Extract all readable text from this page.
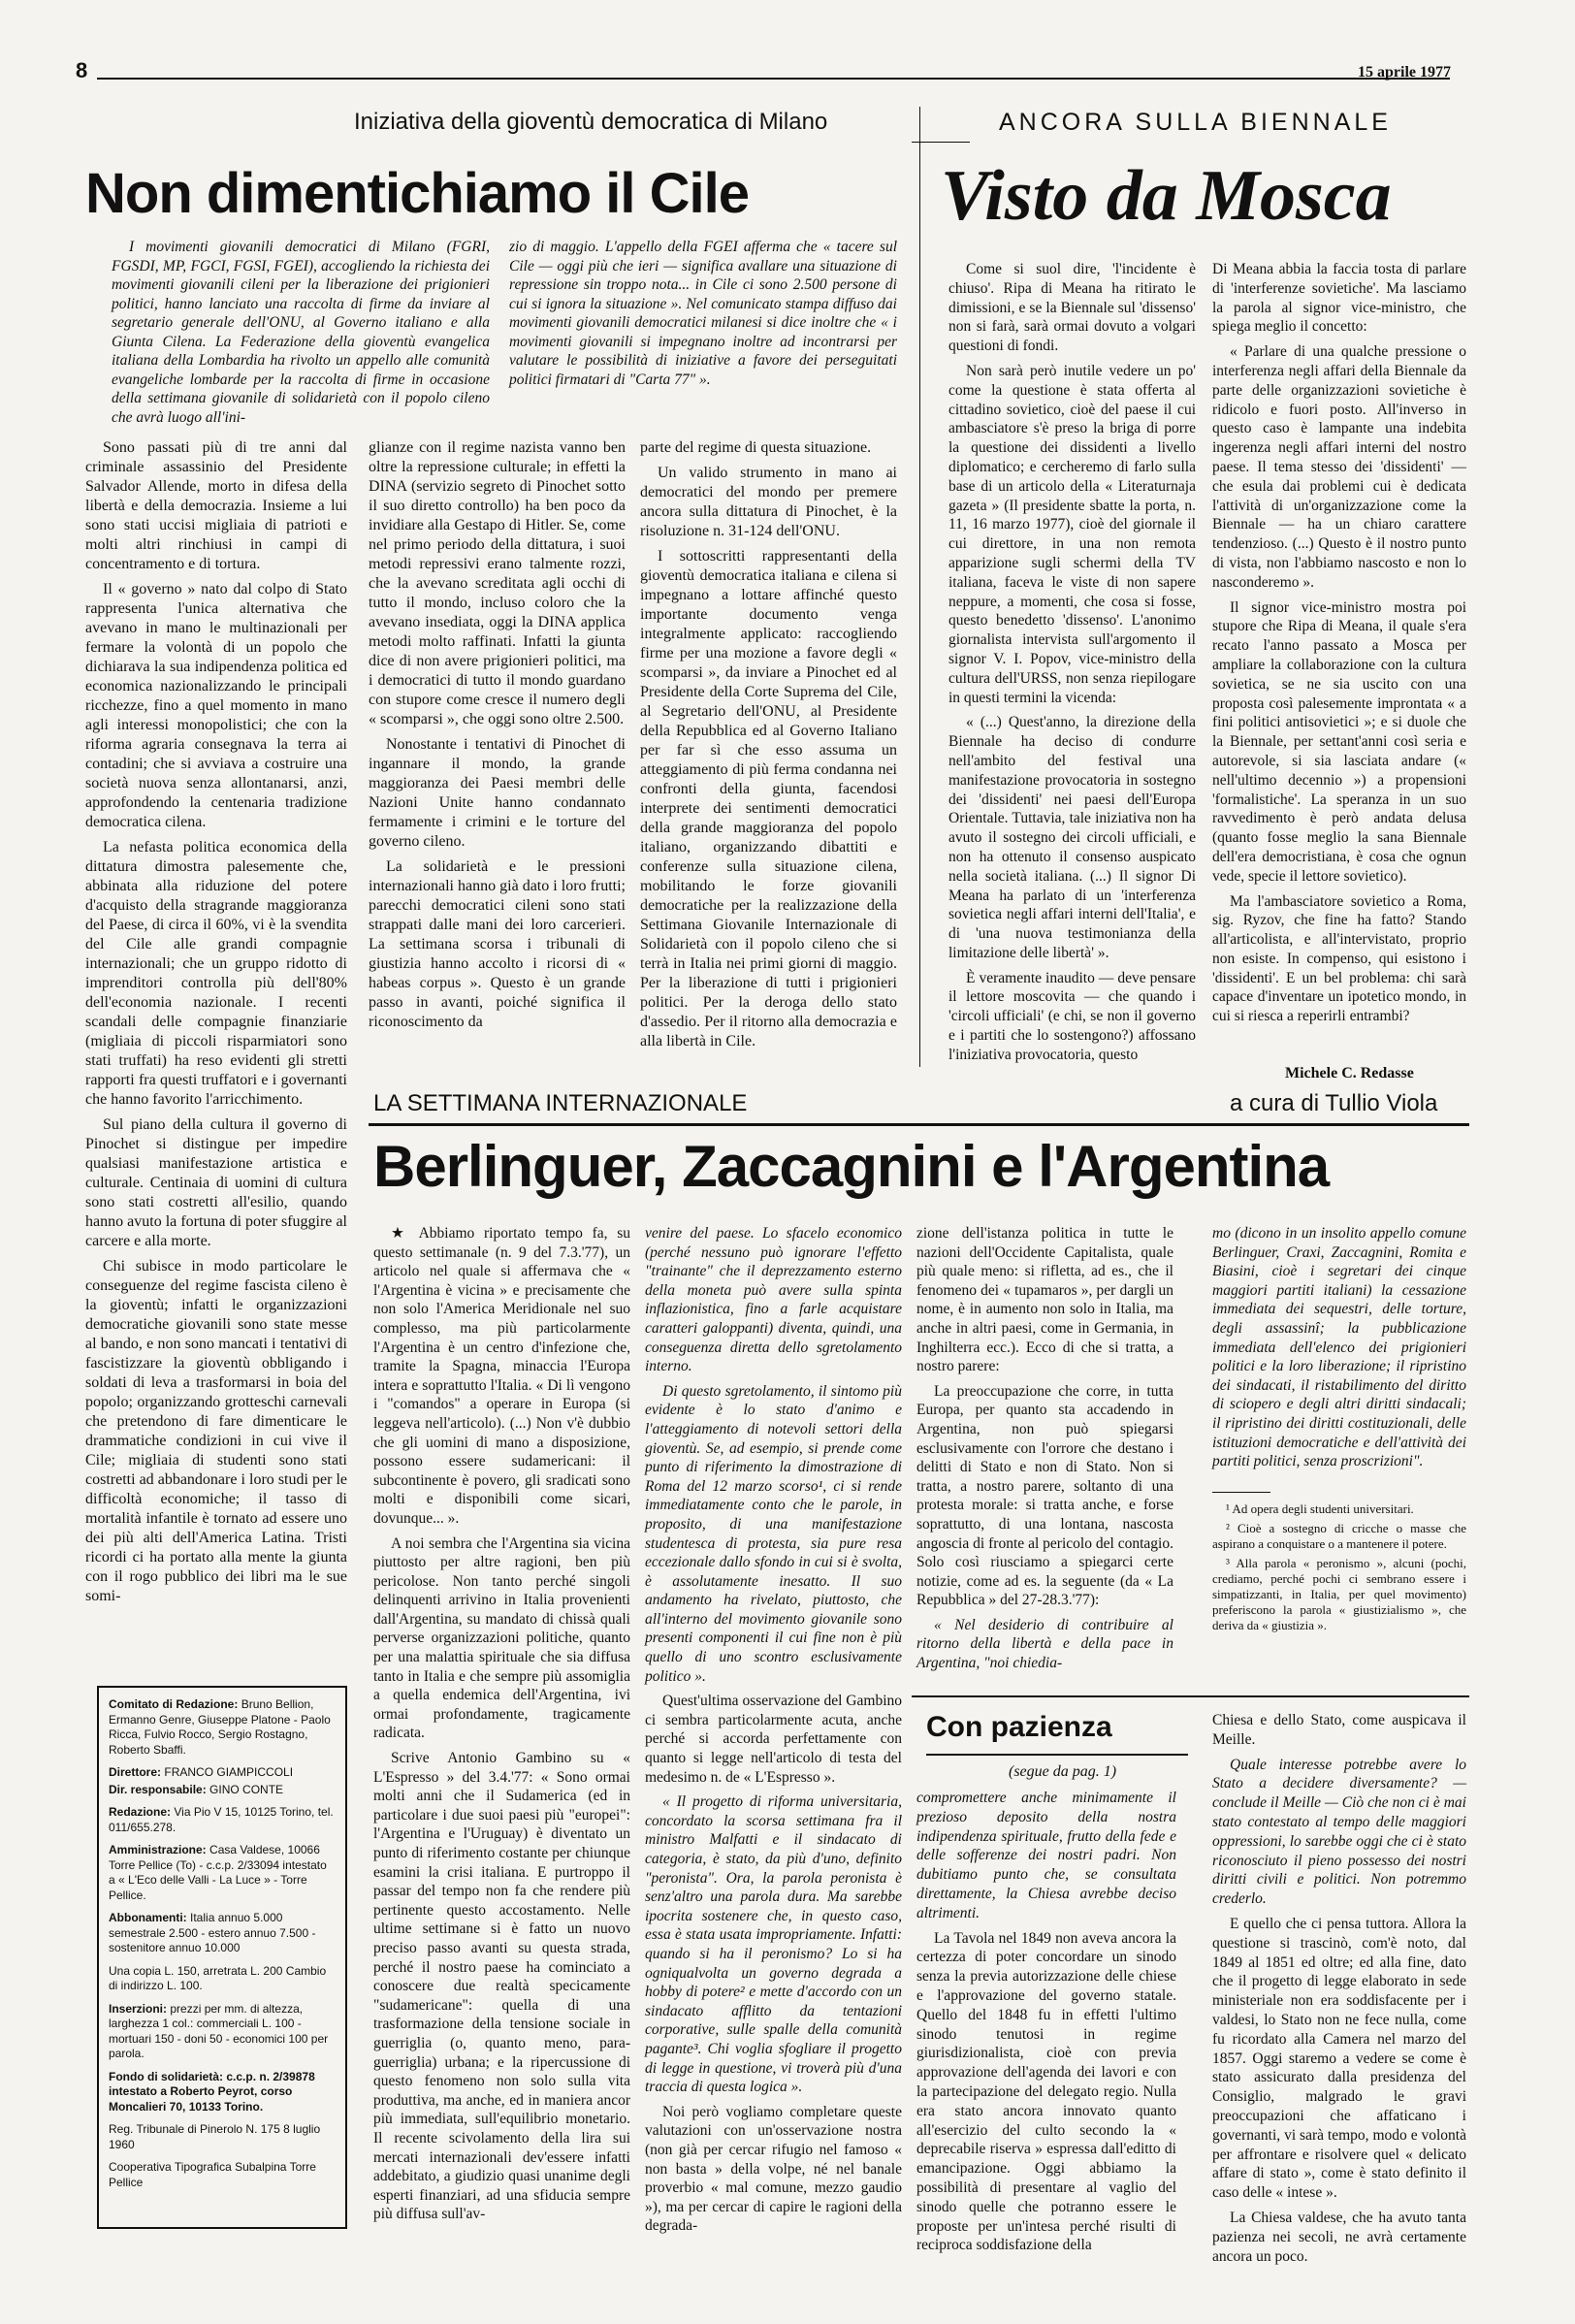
8	15 aprile 1977
Iniziativa della gioventù democratica di Milano	ANCORA SULLA BIENNALE
Non dimentichiamo il Cile

I movimenti giovanili democratici di Milano (FGRI, FGSDI, MP, FGCI, FGSI, FGEI), accogliendo la richiesta dei movimenti giovanili cileni per la liberazione dei prigionieri politici, hanno lanciato una raccolta di firme da inviare al segretario generale dell'ONU, al Governo italiano e alla Giunta Cilena. La Federazione della gioventù evangelica italiana della Lombardia ha rivolto un appello alle comunità evangeliche lombarde per la raccolta di firme in occasione della settimana giovanile di solidarietà con il popolo cileno che avrà luogo all'ini-

zio di maggio. L'appello della FGEI afferma che « tacere sul Cile — oggi più che ieri — significa avallare una situazione di repressione sin troppo nota... in Cile ci sono 2.500 persone di cui si ignora la situazione ». Nel comunicato stampa diffuso dai movimenti giovanili democratici milanesi si dice inoltre che « i movimenti giovanili si impegnano inoltre ad incontrarsi per valutare le possibilità di iniziative a favore dei perseguitati politici firmatari di "Carta 77" ».

Sono passati più di tre anni dal criminale assassinio del Presidente Salvador Allende, morto in difesa della libertà e della democrazia. Insieme a lui sono stati uccisi migliaia di patrioti e molti altri rinchiusi in campi di concentramento e di tortura.

Il « governo » nato dal colpo di Stato rappresenta l'unica alternativa che avevano in mano le multinazionali per fermare la volontà di un popolo che dichiarava la sua indipendenza politica ed economica nazionalizzando le principali ricchezze, fino a quel momento in mano agli interessi monopolistici; che con la riforma agraria consegnava la terra ai contadini; che si avviava a costruire una società nuova senza allontanarsi, anzi, approfondendo la centenaria tradizione democratica cilena.

La nefasta politica economica della dittatura dimostra palesemente che, abbinata alla riduzione del potere d'acquisto della stragrande maggioranza del Paese, di circa il 60%, vi è la svendita del Cile alle grandi compagnie internazionali; che un gruppo ridotto di imprenditori controlla più dell'80% dell'economia nazionale. I recenti scandali delle compagnie finanziarie (migliaia di piccoli risparmiatori sono stati truffati) ha reso evidenti gli stretti rapporti fra questi truffatori e i governanti che hanno favorito l'arricchimento.

Sul piano della cultura il governo di Pinochet si distingue per impedire qualsiasi manifestazione artistica e culturale. Centinaia di uomini di cultura sono stati costretti all'esilio, quando hanno avuto la fortuna di poter sfuggire al carcere e alla morte.

Chi subisce in modo particolare le conseguenze del regime fascista cileno è la gioventù; infatti le organizzazioni democratiche giovanili sono state messe al bando, e non sono mancati i tentativi di fascistizzare la gioventù obbligando i soldati di leva a trasformarsi in boia del popolo; organizzando grotteschi carnevali che pretendono di fare dimenticare le drammatiche condizioni in cui vive il Cile; migliaia di studenti sono stati costretti ad abbandonare i loro studi per le difficoltà economiche; il tasso di mortalità infantile è tornato ad essere uno dei più alti dell'America Latina. Tristi ricordi ci ha portato alla mente la giunta con il rogo pubblico dei libri ma le sue somi-

glianze con il regime nazista vanno ben oltre la repressione culturale; in effetti la DINA (servizio segreto di Pinochet sotto il suo diretto controllo) ha ben poco da invidiare alla Gestapo di Hitler. Se, come nel primo periodo della dittatura, i suoi metodi repressivi erano talmente rozzi, che la avevano screditata agli occhi di tutto il mondo, incluso coloro che la avevano insediata, oggi la DINA applica metodi molto raffinati. Infatti la giunta dice di non avere prigionieri politici, ma i democratici di tutto il mondo guardano con stupore come cresce il numero degli « scomparsi », che oggi sono oltre 2.500.

Nonostante i tentativi di Pinochet di ingannare il mondo, la grande maggioranza dei Paesi membri delle Nazioni Unite hanno condannato fermamente i crimini e le torture del governo cileno.

La solidarietà e le pressioni internazionali hanno già dato i loro frutti; parecchi democratici cileni sono stati strappati dalle mani dei loro carcerieri. La settimana scorsa i tribunali di giustizia hanno accolto i ricorsi di « habeas corpus ». Questo è un grande passo in avanti, poiché significa il riconoscimento da

parte del regime di questa situazione.

Un valido strumento in mano ai democratici del mondo per premere ancora sulla dittatura di Pinochet, è la risoluzione n. 31-124 dell'ONU.

I sottoscritti rappresentanti della gioventù democratica italiana e cilena si impegnano a lottare affinché questo importante documento venga integralmente applicato: raccogliendo firme per una mozione a favore degli « scomparsi », da inviare a Pinochet ed al Presidente della Corte Suprema del Cile, al Segretario dell'ONU, al Presidente della Repubblica ed al Governo Italiano per far sì che esso assuma un atteggiamento di più ferma condanna nei confronti della giunta, facendosi interprete dei sentimenti democratici della grande maggioranza del popolo italiano, organizzando dibattiti e conferenze sulla situazione cilena, mobilitando le forze giovanili democratiche per la realizzazione della Settimana Giovanile Internazionale di Solidarietà con il popolo cileno che si terrà in Italia nei primi giorni di maggio. Per la liberazione di tutti i prigionieri politici. Per la deroga dello stato d'assedio. Per il ritorno alla democrazia e alla libertà in Cile.

Visto da Mosca

Come si suol dire, 'l'incidente è chiuso'. Ripa di Meana ha ritirato le dimissioni, e se la Biennale sul 'dissenso' non si farà, sarà ormai dovuto a volgari questioni di fondi.

Non sarà però inutile vedere un po' come la questione è stata offerta al cittadino sovietico, cioè del paese il cui ambasciatore s'è preso la briga di porre la questione dei dissidenti a livello diplomatico; e cercheremo di farlo sulla base di un articolo della « Literaturnaja gazeta » (Il presidente sbatte la porta, n. 11, 16 marzo 1977), cioè del giornale il cui direttore, in una non remota apparizione sugli schermi della TV italiana, faceva le viste di non sapere neppure, a momenti, che cosa si fosse, questo benedetto 'dissenso'. L'anonimo giornalista intervista sull'argomento il signor V. I. Popov, vice-ministro della cultura dell'URSS, non senza riepilogare in questi termini la vicenda:

« (...) Quest'anno, la direzione della Biennale ha deciso di condurre nell'ambito del festival una manifestazione provocatoria in sostegno dei 'dissidenti' nei paesi dell'Europa Orientale. Tuttavia, tale iniziativa non ha avuto il sostegno dei circoli ufficiali, e non ha ottenuto il consenso auspicato nella società italiana. (...) Il signor Di Meana ha parlato di un 'interferenza sovietica negli affari interni dell'Italia', e di 'una nuova testimonianza della limitazione delle libertà' ».

È veramente inaudito — deve pensare il lettore moscovita — che quando i 'circoli ufficiali' (e chi, se non il governo e i partiti che lo sostengono?) affossano l'iniziativa provocatoria, questo

Di Meana abbia la faccia tosta di parlare di 'interferenze sovietiche'. Ma lasciamo la parola al signor vice-ministro, che spiega meglio il concetto:

« Parlare di una qualche pressione o interferenza negli affari della Biennale da parte delle organizzazioni sovietiche è ridicolo e fuori posto. All'inverso in questo caso è lampante una indebita ingerenza negli affari interni del nostro paese. Il tema stesso dei 'dissidenti' — che esula dai problemi cui è dedicata l'attività di un'organizzazione come la Biennale — ha un chiaro carattere tendenzioso. (...) Questo è il nostro punto di vista, non l'abbiamo nascosto e non lo nasconderemo ».

Il signor vice-ministro mostra poi stupore che Ripa di Meana, il quale s'era recato l'anno passato a Mosca per ampliare la collaborazione con la cultura sovietica, se ne sia uscito con una proposta così palesemente improntata « a fini politici antisovietici »; e si duole che la Biennale, per settant'anni così seria e autorevole, si sia lasciata andare (« nell'ultimo decennio ») a propensioni 'formalistiche'. La speranza in un suo ravvedimento è però andata delusa (quanto fosse meglio la sana Biennale dell'era democristiana, è cosa che ognun vede, specie il lettore sovietico).

Ma l'ambasciatore sovietico a Roma, sig. Ryzov, che fine ha fatto? Stando all'articolista, e all'intervistato, proprio non esiste. In compenso, qui esistono i 'dissidenti'. E un bel problema: chi sarà capace d'inventare un ipotetico mondo, in cui si riesca a reperirli entrambi?

Michele C. Redasse
LA SETTIMANA INTERNAZIONALE	a cura di Tullio Viola
Berlinguer, Zaccagnini e l'Argentina

★ Abbiamo riportato tempo fa, su questo settimanale (n. 9 del 7.3.'77), un articolo nel quale si affermava che « l'Argentina è vicina » e precisamente che non solo l'America Meridionale nel suo complesso, ma più particolarmente l'Argentina è un centro d'infezione che, tramite la Spagna, minaccia l'Europa intera e soprattutto l'Italia. « Di lì vengono i "comandos" a operare in Europa (si leggeva nell'articolo). (...) Non v'è dubbio che gli uomini di mano a disposizione, possono essere sudamericani: il subcontinente è povero, gli sradicati sono molti e disponibili come sicari, dovunque... ».

A noi sembra che l'Argentina sia vicina piuttosto per altre ragioni, ben più pericolose. Non tanto perché singoli delinquenti arrivino in Italia provenienti dall'Argentina, su mandato di chissà quali perverse organizzazioni politiche, quanto per una malattia spirituale che sia diffusa tanto in Italia e che sempre più assomiglia a quella endemica dell'Argentina, ivi ormai profondamente, tragicamente radicata.

Scrive Antonio Gambino su « L'Espresso » del 3.4.'77: « Sono ormai molti anni che il Sudamerica (ed in particolare i due suoi paesi più "europei": l'Argentina e l'Uruguay) è diventato un punto di riferimento costante per chiunque esamini la crisi italiana. E purtroppo il passar del tempo non fa che rendere più pertinente questo accostamento. Nelle ultime settimane si è fatto un nuovo preciso passo avanti su questa strada, perché il nostro paese ha cominciato a conoscere due realtà specicamente "sudamericane": quella di una trasformazione della tensione sociale in guerriglia (o, quanto meno, para-guerriglia) urbana; e la ripercussione di questo fenomeno non solo sulla vita produttiva, ma anche, ed in maniera ancor più immediata, sull'equilibrio monetario. Il recente scivolamento della lira sui mercati internazionali dev'essere infatti addebitato, a giudizio quasi unanime degli esperti finanziari, ad una sfiducia sempre più diffusa sull'av-

venire del paese. Lo sfacelo economico (perché nessuno può ignorare l'effetto "trainante" che il deprezzamento esterno della moneta può avere sulla spinta inflazionistica, fino a farle acquistare caratteri galoppanti) diventa, quindi, una conseguenza diretta dello sgretolamento interno.

Di questo sgretolamento, il sintomo più evidente è lo stato d'animo e l'atteggiamento di notevoli settori della gioventù. Se, ad esempio, si prende come punto di riferimento la dimostrazione di Roma del 12 marzo scorso¹, ci si rende immediatamente conto che le parole, in proposito, di una manifestazione studentesca di protesta, sia pure resa eccezionale dallo sfondo in cui si è svolta, è assolutamente inesatto. Il suo andamento ha rivelato, piuttosto, che all'interno del movimento giovanile sono presenti componenti il cui fine non è più quello di uno scontro esclusivamente politico ».

Quest'ultima osservazione del Gambino ci sembra particolarmente acuta, anche perché si accorda perfettamente con quanto si legge nell'articolo di testa del medesimo n. de « L'Espresso ».

« Il progetto di riforma universitaria, concordato la scorsa settimana fra il ministro Malfatti e il sindacato di categoria, è stato, da più d'uno, definito "peronista". Ora, la parola peronista è senz'altro una parola dura. Ma sarebbe ipocrita sostenere che, in questo caso, essa è stata usata impropriamente. Infatti: quando si ha il peronismo? Lo si ha ogniqualvolta un governo degrada a hobby di potere² e mette d'accordo con un sindacato afflitto da tentazioni corporative, sulle spalle della comunità pagante³. Chi voglia sfogliare il progetto di legge in questione, vi troverà più d'una traccia di questa logica ».

Noi però vogliamo completare queste valutazioni con un'osservazione nostra (non già per cercar rifugio nel famoso « non basta » della volpe, né nel banale proverbio « mal comune, mezzo gaudio »), ma per cercar di capire le ragioni della degrada-

zione dell'istanza politica in tutte le nazioni dell'Occidente Capitalista, quale più quale meno: si rifletta, ad es., che il fenomeno dei « tupamaros », per dargli un nome, è in aumento non solo in Italia, ma anche in altri paesi, come in Germania, in Inghilterra ecc.). Ecco di che si tratta, a nostro parere:

La preoccupazione che corre, in tutta Europa, per quanto sta accadendo in Argentina, non può spiegarsi esclusivamente con l'orrore che destano i delitti di Stato e non di Stato. Non si tratta, a nostro parere, soltanto di una protesta morale: si tratta anche, e forse soprattutto, di una lontana, nascosta angoscia di fronte al pericolo del contagio. Solo così riusciamo a spiegarci certe notizie, come ad es. la seguente (da « La Repubblica » del 27-28.3.'77):

« Nel desiderio di contribuire al ritorno della libertà e della pace in Argentina, "noi chiedia-

mo (dicono in un insolito appello comune Berlinguer, Craxi, Zaccagnini, Romita e Biasini, cioè i segretari dei cinque maggiori partiti italiani) la cessazione immediata dei sequestri, delle torture, degli assassinî; la pubblicazione immediata dell'elenco dei prigionieri politici e la loro liberazione; il ripristino dei sindacati, il ristabilimento del diritto di sciopero e degli altri diritti sindacali; il ripristino dei diritti costituzionali, delle istituzioni democratiche e dell'attività dei partiti politici, senza proscrizioni".

¹ Ad opera degli studenti universitari.

² Cioè a sostegno di cricche o masse che aspirano a conquistare o a mantenere il potere.

³ Alla parola « peronismo », alcuni (pochi, crediamo, perché pochi ci sembrano essere i simpatizzanti, in Italia, per quel movimento) preferiscono la parola « giustizialismo », che deriva da « giustizia ».

Comitato di Redazione: Bruno Bellion, Ermanno Genre, Giuseppe Platone - Paolo Ricca, Fulvio Rocco, Sergio Rostagno, Roberto Sbaffi.
Direttore: FRANCO GIAMPICCOLI
Dir. responsabile: GINO CONTE
Redazione: Via Pio V 15, 10125 Torino, tel. 011/655.278.
Amministrazione: Casa Valdese, 10066 Torre Pellice (To) - c.c.p. 2/33094 intestato a « L'Eco delle Valli - La Luce » - Torre Pellice.
Abbonamenti: Italia annuo 5.000 semestrale 2.500 - estero annuo 7.500 - sostenitore annuo 10.000
Una copia L. 150, arretrata L. 200 Cambio di indirizzo L. 100.
Inserzioni: prezzi per mm. di altezza, larghezza 1 col.: commerciali L. 100 - mortuari 150 - doni 50 - economici 100 per parola.
Fondo di solidarietà: c.c.p. n. 2/39878 intestato a Roberto Peyrot, corso Moncalieri 70, 10133 Torino.
Reg. Tribunale di Pinerolo N. 175 8 luglio 1960
Cooperativa Tipografica Subalpina Torre Pellice
Con pazienza
(segue da pag. 1)

compromettere anche minimamente il prezioso deposito della nostra indipendenza spirituale, frutto della fede e delle sofferenze dei nostri padri. Non dubitiamo punto che, se consultata direttamente, la Chiesa avrebbe deciso altrimenti.

La Tavola nel 1849 non aveva ancora la certezza di poter concordare un sinodo senza la previa autorizzazione delle chiese e l'approvazione del governo statale. Quello del 1848 fu in effetti l'ultimo sinodo tenutosi in regime giurisdizionalista, cioè con previa approvazione dell'agenda dei lavori e con la partecipazione del delegato regio. Nulla era stato ancora innovato quanto all'esercizio del culto secondo la « deprecabile riserva » espressa dall'editto di emancipazione. Oggi abbiamo la possibilità di presentare al vaglio del sinodo quelle che potranno essere le proposte per un'intesa perché risulti di reciproca soddisfazione della

Chiesa e dello Stato, come auspicava il Meille.

Quale interesse potrebbe avere lo Stato a decidere diversamente? — conclude il Meille — Ciò che non ci è mai stato contestato al tempo delle maggiori oppressioni, lo sarebbe oggi che ci è stato riconosciuto il pieno possesso dei nostri diritti civili e politici. Non potremmo crederlo.

E quello che ci pensa tuttora. Allora la questione si trascinò, com'è noto, dal 1849 al 1851 ed oltre; ed alla fine, dato che il progetto di legge elaborato in sede ministeriale non era soddisfacente per i valdesi, lo Stato non ne fece nulla, come fu ricordato alla Camera nel marzo del 1857. Oggi staremo a vedere se come è stato assicurato dalla presidenza del Consiglio, malgrado le gravi preoccupazioni che affaticano i governanti, vi sarà tempo, modo e volontà per affrontare e risolvere quel « delicato affare di stato », come è stato definito il caso delle « intese ».

La Chiesa valdese, che ha avuto tanta pazienza nei secoli, ne avrà certamente ancora un poco.
